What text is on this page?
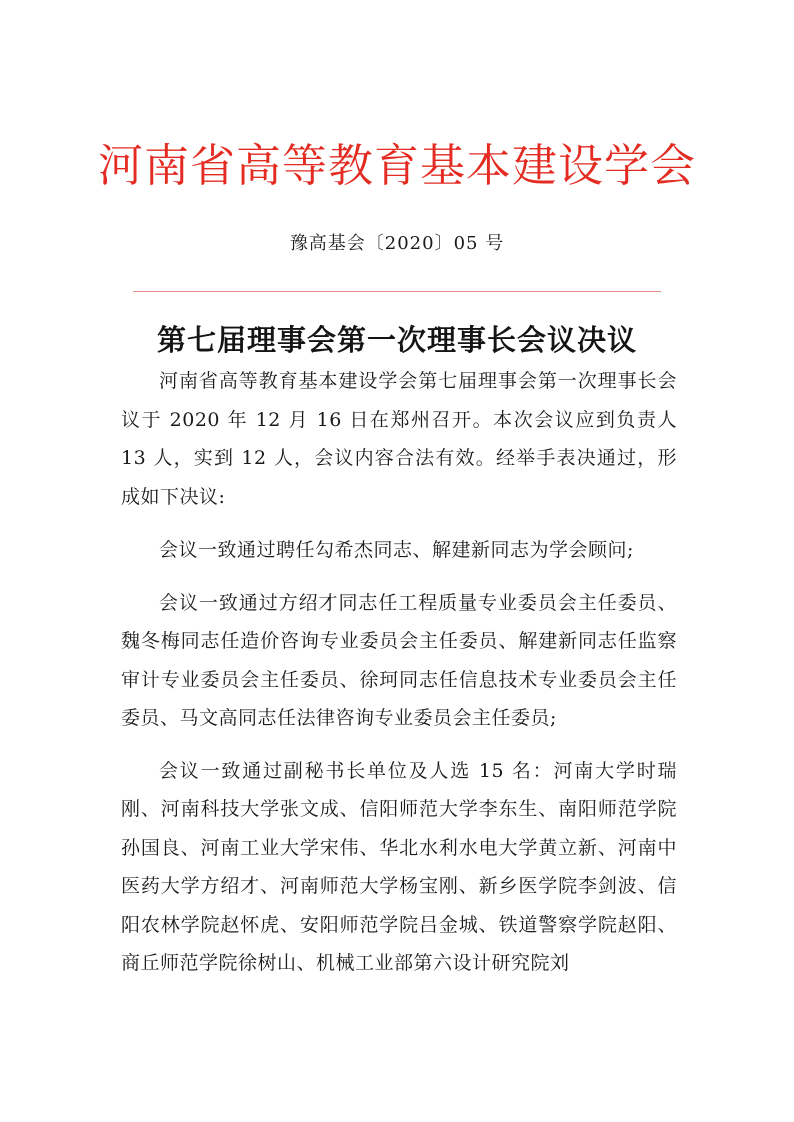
河南省高等教育基本建设学会
豫高基会〔2020〕05 号
第七届理事会第一次理事长会议决议

河南省高等教育基本建设学会第七届理事会第一次理事长会议于 2020 年 12 月 16 日在郑州召开。本次会议应到负责人 13 人，实到 12 人，会议内容合法有效。经举手表决通过，形成如下决议:

会议一致通过聘任勾希杰同志、解建新同志为学会顾问;

会议一致通过方绍才同志任工程质量专业委员会主任委员、魏冬梅同志任造价咨询专业委员会主任委员、解建新同志任监察审计专业委员会主任委员、徐珂同志任信息技术专业委员会主任委员、马文高同志任法律咨询专业委员会主任委员;

会议一致通过副秘书长单位及人选 15 名：河南大学时瑞刚、河南科技大学张文成、信阳师范大学李东生、南阳师范学院孙国良、河南工业大学宋伟、华北水利水电大学黄立新、河南中医药大学方绍才、河南师范大学杨宝刚、新乡医学院李剑波、信阳农林学院赵怀虎、安阳师范学院吕金城、铁道警察学院赵阳、商丘师范学院徐树山、机械工业部第六设计研究院刘
